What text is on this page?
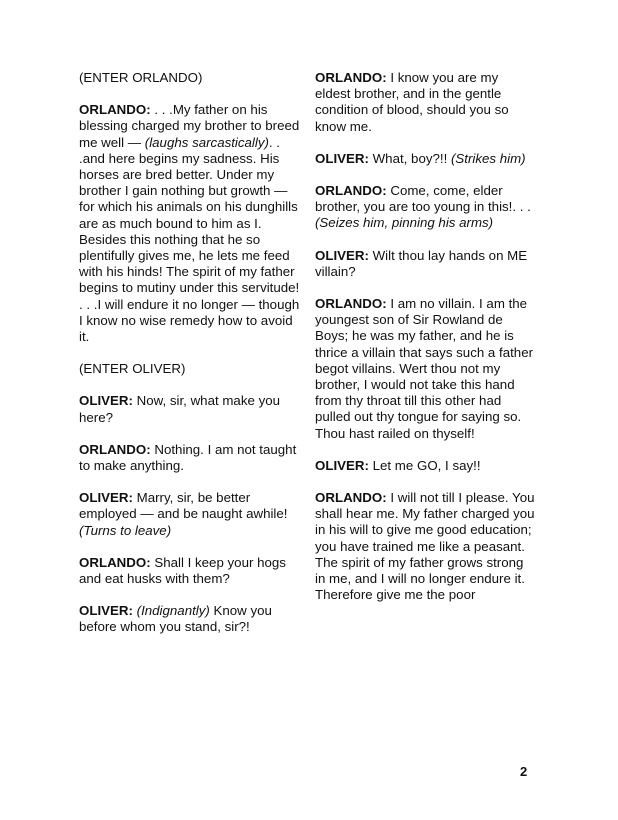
(ENTER ORLANDO)
ORLANDO: . . .My father on his blessing charged my brother to breed me well — (laughs sarcastically). . .and here begins my sadness. His horses are bred better. Under my brother I gain nothing but growth — for which his animals on his dunghills are as much bound to him as I. Besides this nothing that he so plentifully gives me, he lets me feed with his hinds! The spirit of my father begins to mutiny under this servitude! . . .I will endure it no longer — though I know no wise remedy how to avoid it.
(ENTER OLIVER)
OLIVER: Now, sir, what make you here?
ORLANDO: Nothing. I am not taught to make anything.
OLIVER: Marry, sir, be better employed — and be naught awhile! (Turns to leave)
ORLANDO: Shall I keep your hogs and eat husks with them?
OLIVER: (Indignantly) Know you before whom you stand, sir?!
ORLANDO: I know you are my eldest brother, and in the gentle condition of blood, should you so know me.
OLIVER: What, boy?!! (Strikes him)
ORLANDO: Come, come, elder brother, you are too young in this!. . . (Seizes him, pinning his arms)
OLIVER: Wilt thou lay hands on ME villain?
ORLANDO: I am no villain. I am the youngest son of Sir Rowland de Boys; he was my father, and he is thrice a villain that says such a father begot villains. Wert thou not my brother, I would not take this hand from thy throat till this other had pulled out thy tongue for saying so. Thou hast railed on thyself!
OLIVER: Let me GO, I say!!
ORLANDO: I will not till I please. You shall hear me. My father charged you in his will to give me good education; you have trained me like a peasant. The spirit of my father grows strong in me, and I will no longer endure it. Therefore give me the poor
2
